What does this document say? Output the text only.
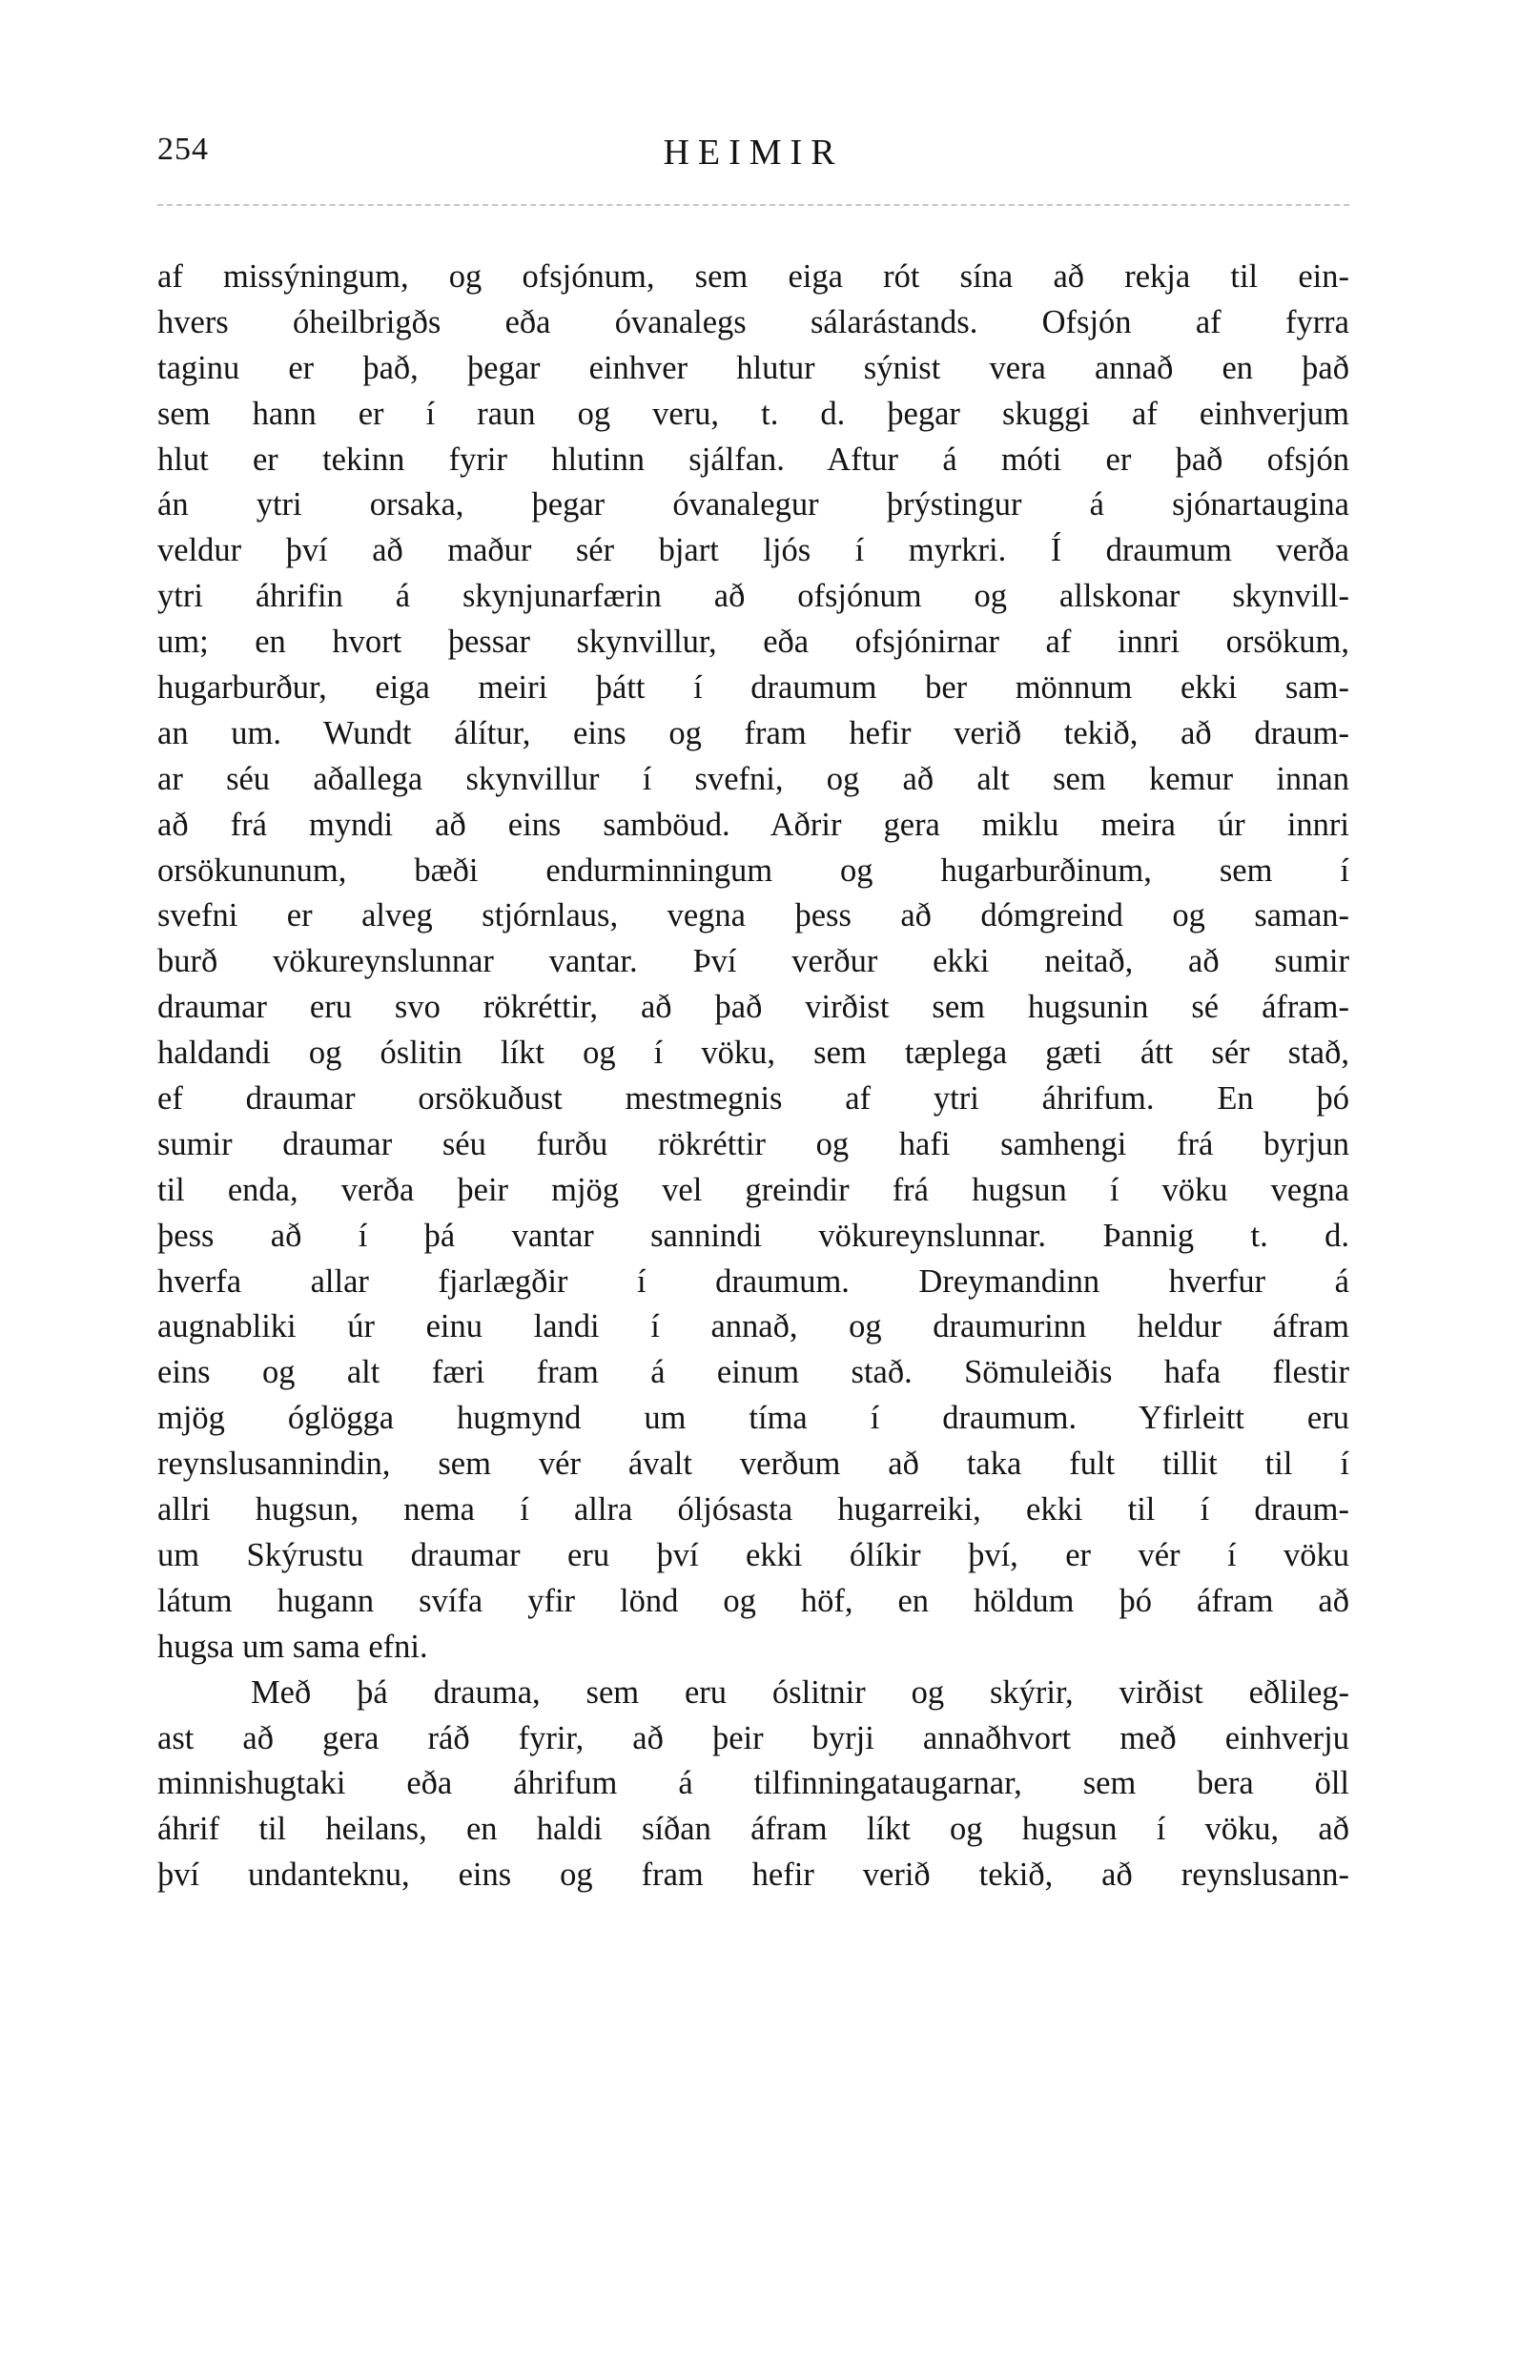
254	HEIMIR
af missýningum, og ofsjónum, sem eiga rót sína að rekja til ein-
hvers óheilbrigðs eða óvanalegs sálarástands. Ofsjón af fyrra
taginu er það, þegar einhver hlutur sýnist vera annað en það
sem hann er í raun og veru, t. d. þegar skuggi af einhverjum
hlut er tekinn fyrir hlutinn sjálfan. Aftur á móti er það ofsjón
án ytri orsaka, þegar óvanalegur þrýstingur á sjónartaugina
veldur því að maður sér bjart ljós í myrkri. Í draumum verða
ytri áhrifin á skynjunarfærin að ofsjónum og allskonar skynvill-
um; en hvort þessar skynvillur, eða ofsjónirnar af innri orsökum,
hugarburður, eiga meiri þátt í draumum ber mönnum ekki sam-
an um. Wundt álítur, eins og fram hefir verið tekið, að draum-
ar séu aðallega skynvillur í svefni, og að alt sem kemur innan
að frá myndi að eins samböud. Aðrir gera miklu meira úr innri
orsökununum, bæði endurminningum og hugarburðinum, sem í
svefni er alveg stjórnlaus, vegna þess að dómgreind og saman-
burð vökureynslunnar vantar. Því verður ekki neitað, að sumir
draumar eru svo rökréttir, að það virðist sem hugsunin sé áfram-
haldandi og óslitin líkt og í vöku, sem tæplega gæti átt sér stað,
ef draumar orsökuðust mestmegnis af ytri áhrifum. En þó
sumir draumar séu furðu rökréttir og hafi samhengi frá byrjun
til enda, verða þeir mjög vel greindir frá hugsun í vöku vegna
þess að í þá vantar sannindi vökureynslunnar. Þannig t. d.
hverfa allar fjarlægðir í draumum. Dreymandinn hverfur á
augnabliki úr einu landi í annað, og draumurinn heldur áfram
eins og alt færi fram á einum stað. Sömuleiðis hafa flestir
mjög óglögga hugmynd um tíma í draumum. Yfirleitt eru
reynslusannindin, sem vér ávalt verðum að taka fult tillit til í
allri hugsun, nema í allra óljósasta hugarreiki, ekki til í draum-
um Skýrustu draumar eru því ekki ólíkir því, er vér í vöku
látum hugann svífa yfir lönd og höf, en höldum þó áfram að
hugsa um sama efni.
Með þá drauma, sem eru óslitnir og skýrir, virðist eðlileg-
ast að gera ráð fyrir, að þeir byrji annaðhvort með einhverju
minnishugtaki eða áhrifum á tilfinningataugarnar, sem bera öll
áhrif til heilans, en haldi síðan áfram líkt og hugsun í vöku, að
því undanteknu, eins og fram hefir verið tekið, að reynslusann-
